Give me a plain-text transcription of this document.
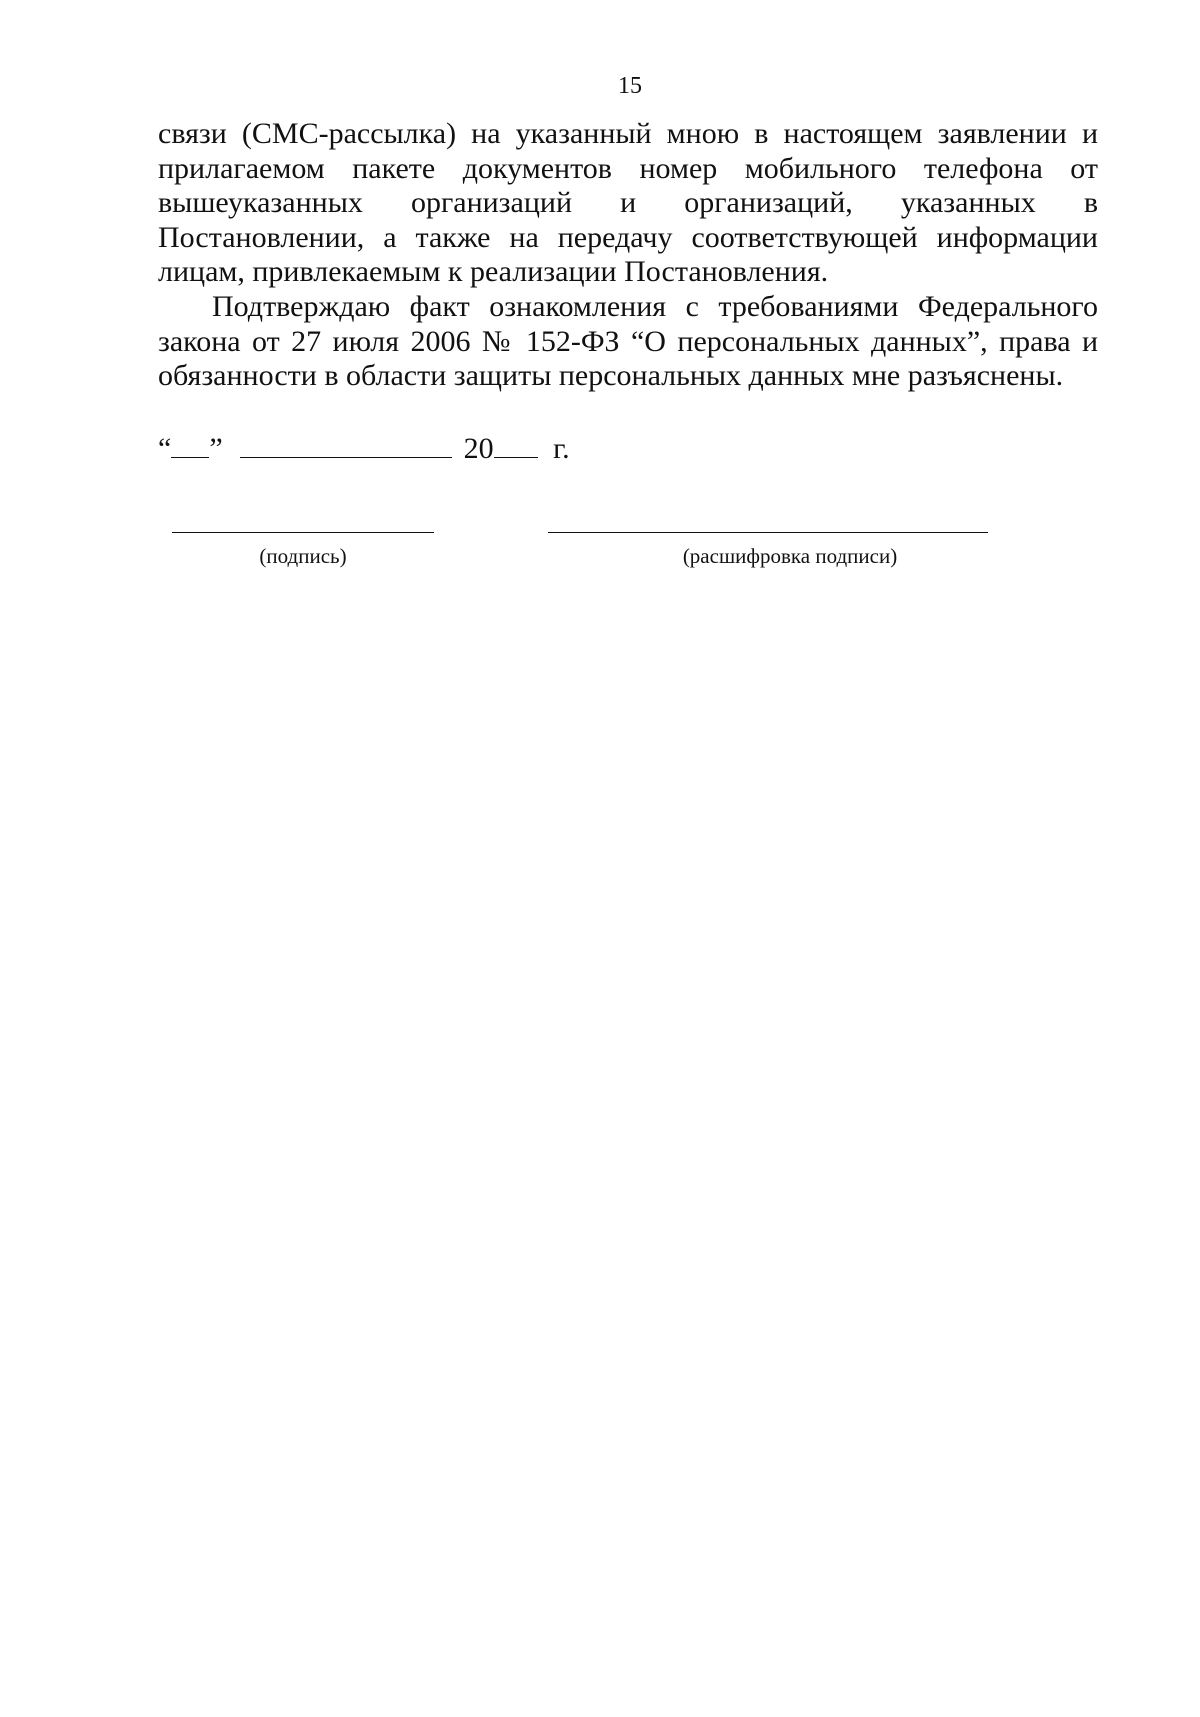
15

связи (СМС-рассылка) на указанный мною в настоящем заявлении и
прилагаемом пакете документов номер мобильного телефона от
вышеуказанных организаций и организаций, указанных в
Постановлении, а также на передачу соответствующей информации
лицам, привлекаемым к реализации Постановления.

Подтверждаю факт ознакомления с требованиями Федерального
закона от 27 июля 2006 № 152-ФЗ “О персональных данных”, права и
обязанности в области защиты персональных данных мне разъяснены.

“ ”	20 г.
(подпись)	(расшифровка подписи)
